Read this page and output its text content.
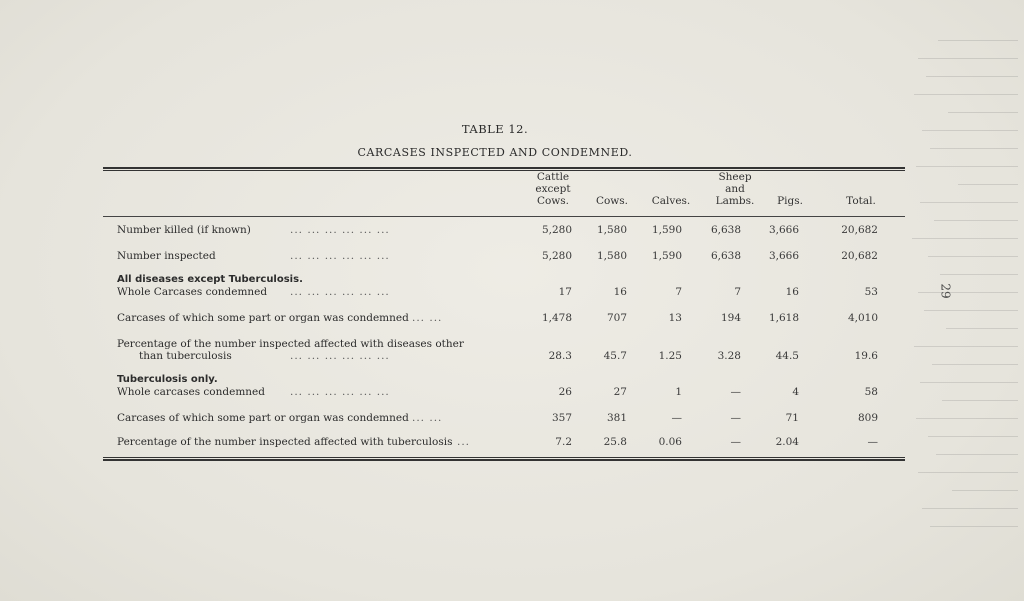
TABLE 12.
CARCASES INSPECTED AND CONDEMNED.
Cattle
except
Cows.	Cows.	Calves.
Sheep
and
Lambs.	Pigs.	Total.
Number killed (if known)	... ... ... ... ... ...	5,280	1,580	1,590	6,638	3,666	20,682
Number inspected	... ... ... ... ... ...	5,280	1,580	1,590	6,638	3,666	20,682
All diseases except Tuberculosis.
Whole Carcases condemned ... ... ... ... ... ...	17	16	7	7	16	53
Carcases of which some part or organ was condemned ... ...	1,478	707	13	194	1,618	4,010
Percentage of the number inspected affected with diseases other
than tuberculosis	... ... ... ... ... ...	28.3	45.7	1.25	3.28	44.5	19.6
Tuberculosis only.
Whole carcases condemned ... ... ... ... ... ...	26	27	1	—	4	58
Carcases of which some part or organ was condemned ... ...	357	381	—	—	71	809
Percentage of the number inspected affected with tuberculosis ...	7.2	25.8	0.06	—	2.04	—
29
